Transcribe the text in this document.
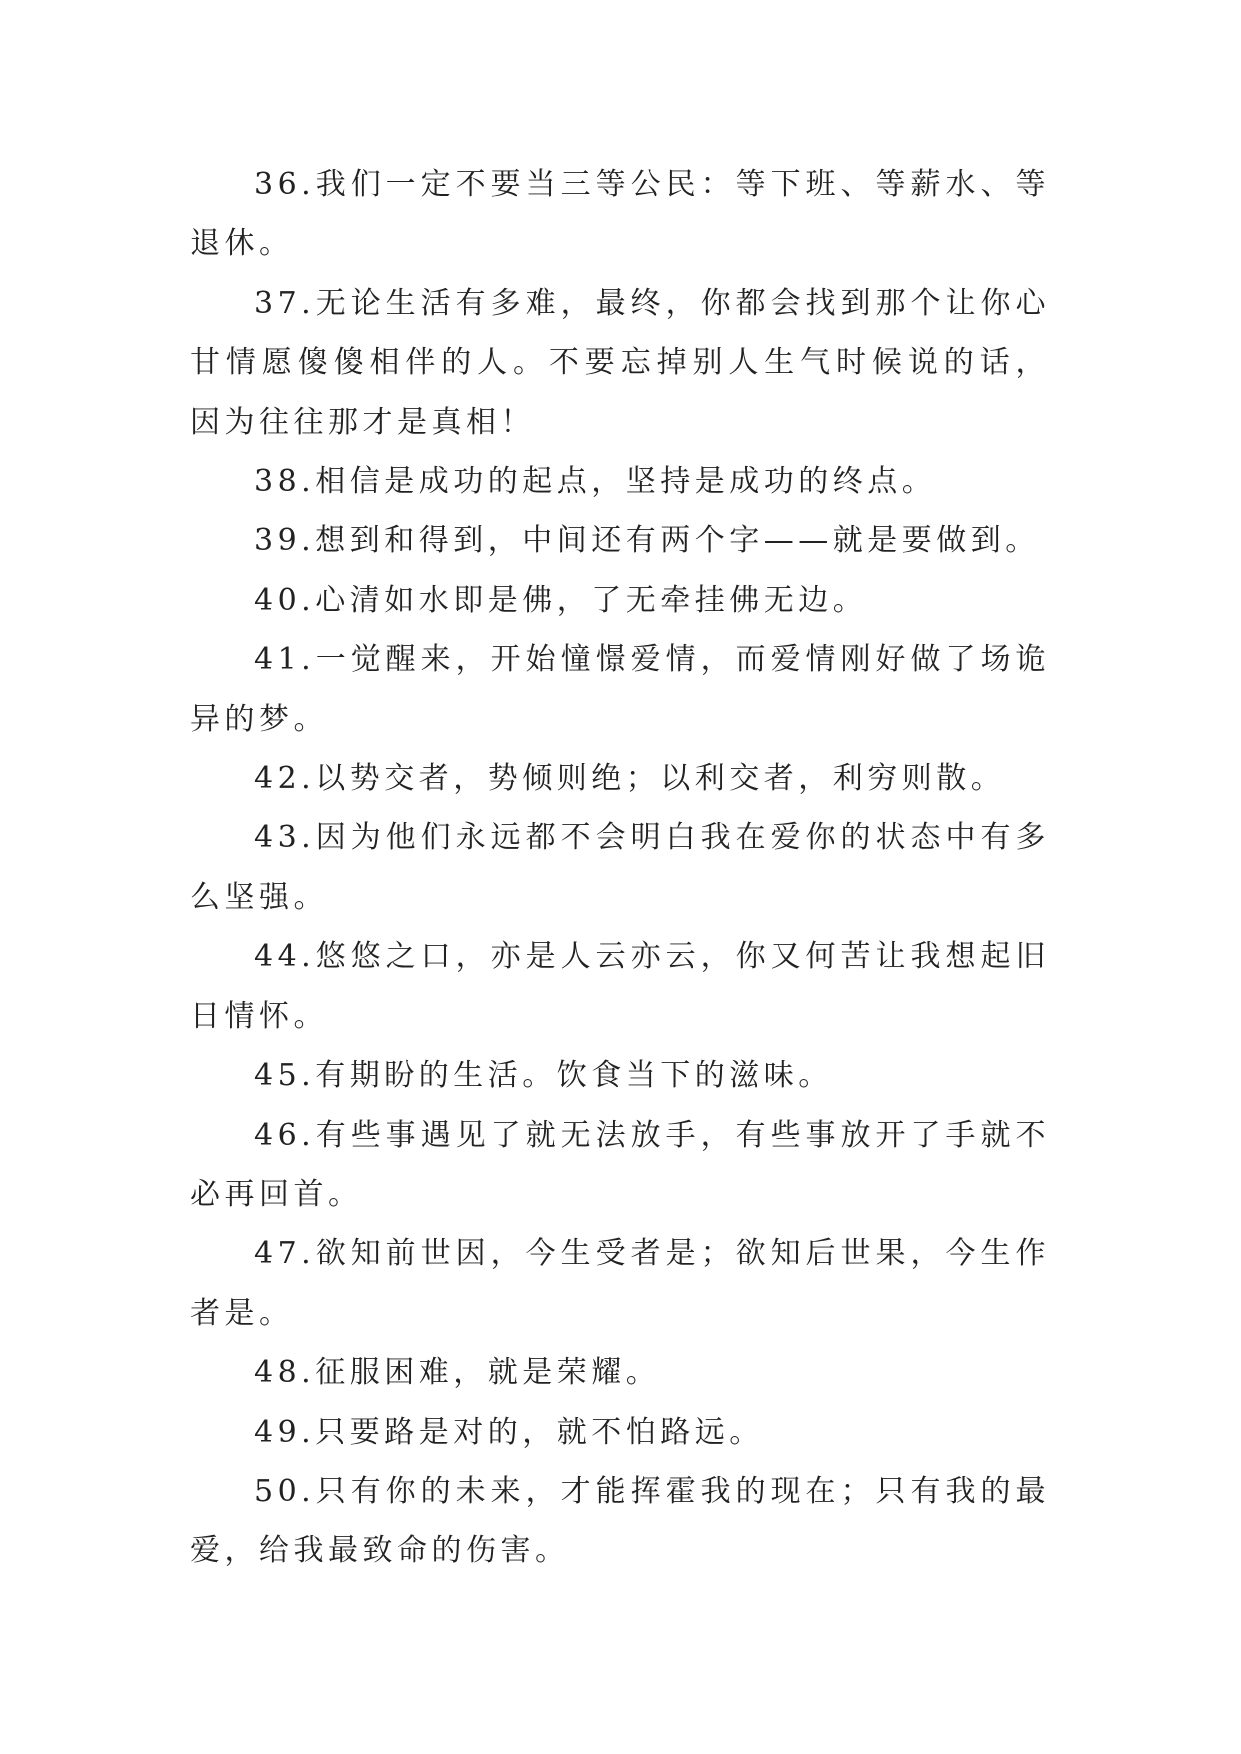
36.我们一定不要当三等公民：等下班、等薪水、等退休。

37.无论生活有多难，最终，你都会找到那个让你心甘情愿傻傻相伴的人。不要忘掉别人生气时候说的话，因为往往那才是真相！

38.相信是成功的起点，坚持是成功的终点。

39.想到和得到，中间还有两个字——就是要做到。

40.心清如水即是佛，了无牵挂佛无边。

41.一觉醒来，开始憧憬爱情，而爱情刚好做了场诡异的梦。

42.以势交者，势倾则绝；以利交者，利穷则散。

43.因为他们永远都不会明白我在爱你的状态中有多么坚强。

44.悠悠之口，亦是人云亦云，你又何苦让我想起旧日情怀。

45.有期盼的生活。饮食当下的滋味。

46.有些事遇见了就无法放手，有些事放开了手就不必再回首。

47.欲知前世因，今生受者是；欲知后世果，今生作者是。

48.征服困难，就是荣耀。

49.只要路是对的，就不怕路远。

50.只有你的未来，才能挥霍我的现在；只有我的最爱，给我最致命的伤害。
